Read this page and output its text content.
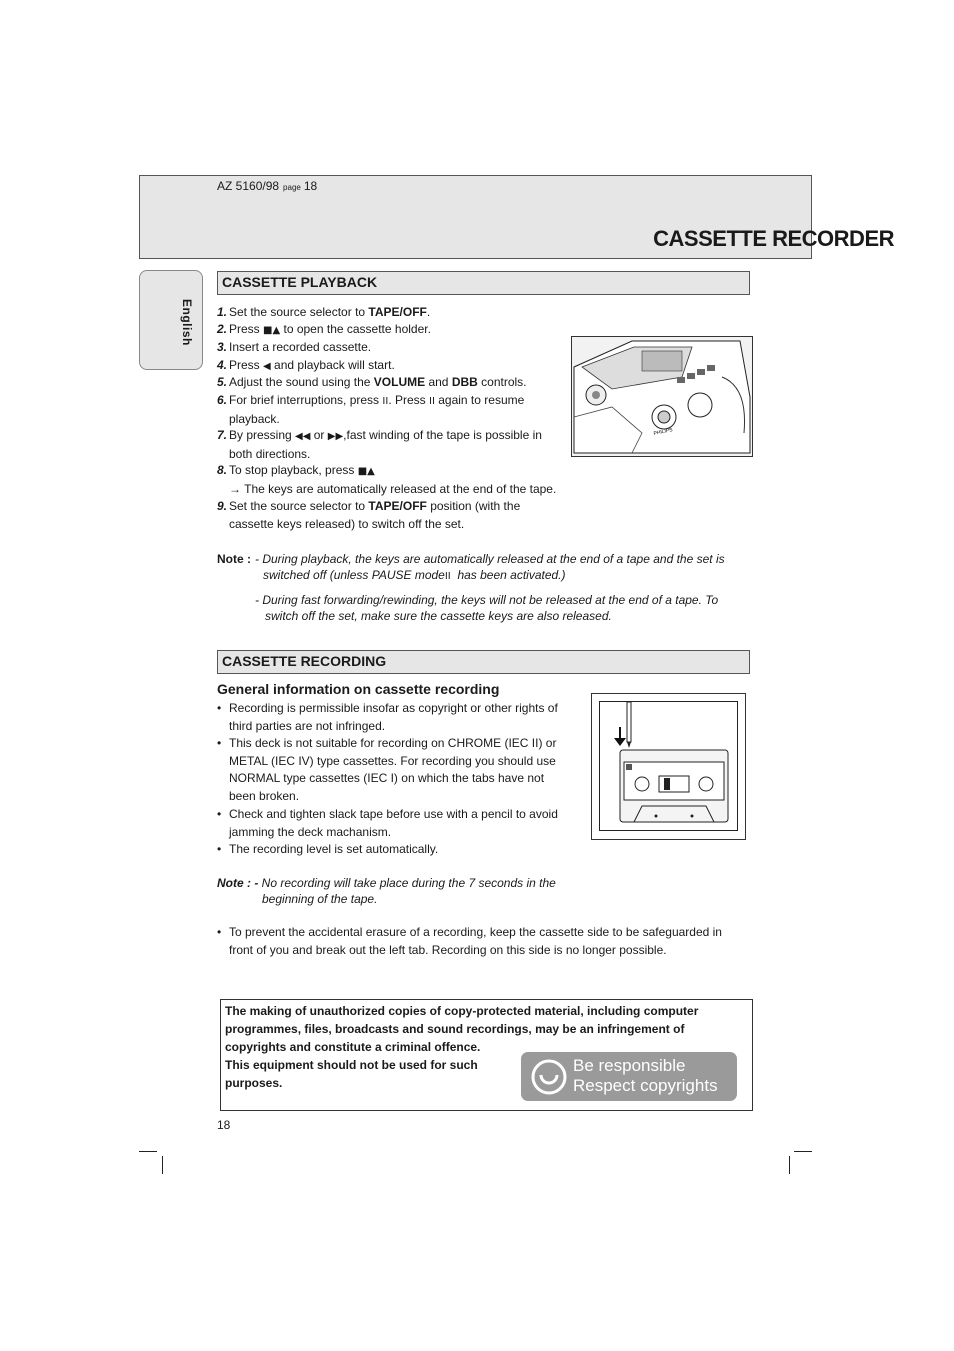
AZ 5160/98 page 18
CASSETTE RECORDER
English
CASSETTE PLAYBACK
1. Set the source selector to TAPE/OFF.
2. Press ■▲ to open the cassette holder.
3. Insert a recorded cassette.
4. Press ◀ and playback will start.
5. Adjust the sound using the VOLUME and DBB controls.
6. For brief interruptions, press II. Press II again to resume playback.
7. By pressing ◀◀ or ▶▶,fast winding of the tape is possible in both directions.
8. To stop playback, press ■▲
→ The keys are automatically released at the end of the tape.
9. Set the source selector to TAPE/OFF position (with the cassette keys released) to switch off the set.
PHILIPS
Note : - During playback, the keys are automatically released at the end of a tape and the set is
switched off (unless PAUSE modeII has been activated.)
- During fast forwarding/rewinding, the keys will not be released at the end of a tape. To
switch off the set, make sure the cassette keys are also released.
CASSETTE RECORDING
General information on cassette recording
• Recording is permissible insofar as copyright or other rights of third parties are not infringed.
• This deck is not suitable for recording on CHROME (IEC II) or METAL (IEC IV) type cassettes. For recording you should use NORMAL type cassettes (IEC I) on which the tabs have not been broken.
• Check and tighten slack tape before use with a pencil to avoid jamming the deck machanism.
• The recording level is set automatically.
Note : - No recording will take place during the 7 seconds in the
beginning of the tape.
• To prevent the accidental erasure of a recording, keep the cassette side to be safeguarded in front of you and break out the left tab. Recording on this side is no longer possible.
The making of unauthorized copies of copy-protected material, including computer
programmes, files, broadcasts and sound recordings, may be an infringement of
copyrights and constitute a criminal offence.
This equipment should not be used for such
purposes.
Be responsible
Respect copyrights
18
